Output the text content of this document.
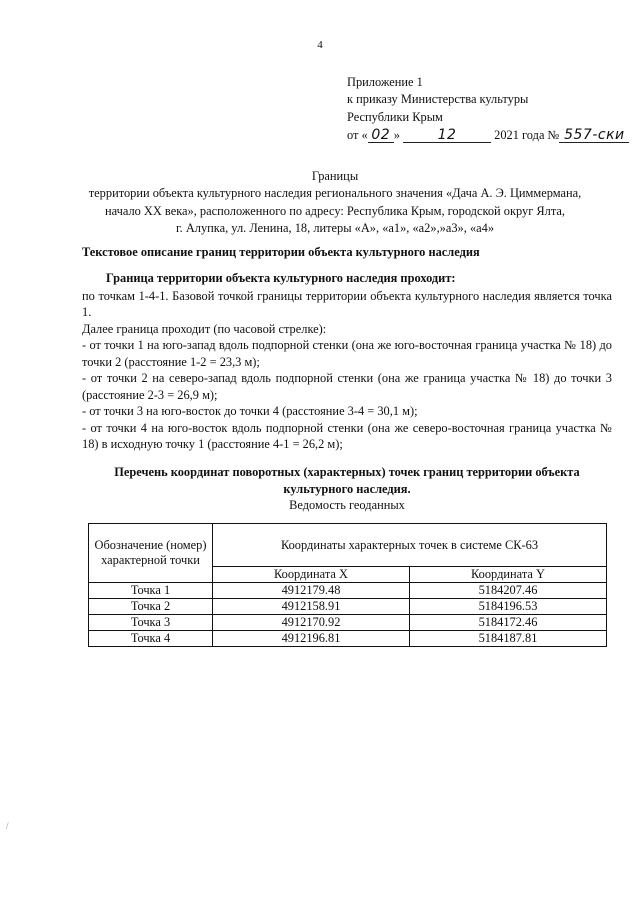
4
Приложение 1
к приказу Министерства культуры
Республики Крым
от « 02 » 12	2021 года № 557-ски
Границы
территории объекта культурного наследия регионального значения «Дача А. Э. Циммермана,
начало XX века», расположенного по адресу: Республика Крым, городской округ Ялта,
г. Алупка, ул. Ленина, 18, литеры «А», «а1», «а2»,»а3», «а4»
Текстовое описание границ территории объекта культурного наследия
Граница территории объекта культурного наследия проходит:

по точкам 1-4-1. Базовой точкой границы территории объекта культурного наследия является точка 1.

Далее граница проходит (по часовой стрелке):

- от точки 1 на юго-запад вдоль подпорной стенки (она же юго-восточная граница участка № 18) до точки 2 (расстояние 1-2 = 23,3 м);

- от точки 2 на северо-запад вдоль подпорной стенки (она же граница участка № 18) до точки 3 (расстояние 2-3 = 26,9 м);

- от точки 3 на юго-восток до точки 4 (расстояние 3-4 = 30,1 м);

- от точки 4 на юго-восток вдоль подпорной стенки (она же северо-восточная граница участка № 18) в исходную точку 1 (расстояние 4-1 = 26,2 м);

Перечень координат поворотных (характерных) точек границ территории объекта культурного наследия.
Ведомость геоданных
Обозначение (номер) характерной точки	Координаты характерных точек в системе СК-63	
	Координата X	Координата Y
Точка 1	4912179.48	5184207.46
Точка 2	4912158.91	5184196.53
Точка 3	4912170.92	5184172.46
Точка 4	4912196.81	5184187.81
/
